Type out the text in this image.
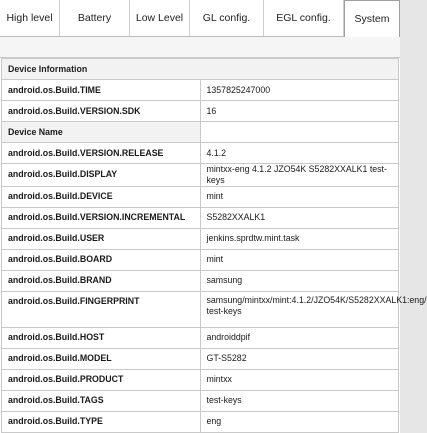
High level	Battery	Low Level	GL config.	EGL config.	System
Device Information	
android.os.Build.TIME	1357825247000
android.os.Build.VERSION.SDK	16
Device Name	
android.os.Build.VERSION.RELEASE	4.1.2
android.os.Build.DISPLAY	mintxx-eng 4.1.2 JZO54K S5282XXALK1 test-keys
android.os.Build.DEVICE	mint
android.os.Build.VERSION.INCREMENTAL	S5282XXALK1
android.os.Build.USER	jenkins.sprdtw.mint.task
android.os.Build.BOARD	mint
android.os.Build.BRAND	samsung
android.os.Build.FINGERPRINT	samsung/mintxx/mint:4.1.2/JZO54K/S5282XXALK1:eng/
test-keys
android.os.Build.HOST	androiddpif
android.os.Build.MODEL	GT-S5282
android.os.Build.PRODUCT	mintxx
android.os.Build.TAGS	test-keys
android.os.Build.TYPE	eng
